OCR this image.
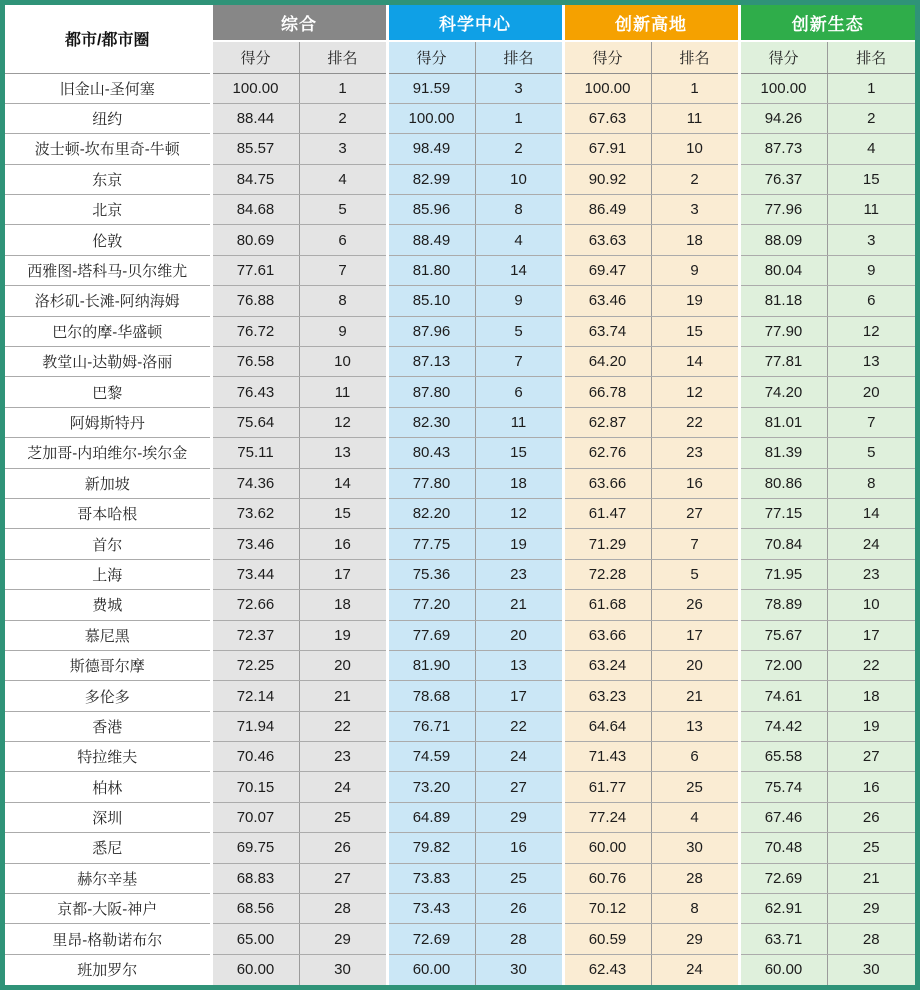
都市/都市圈	综合		科学中心		创新高地		创新生态	
	得分	排名	得分	排名	得分	排名	得分	排名
旧金山-圣何塞	100.00	1	91.59	3	100.00	1	100.00	1
纽约	88.44	2	100.00	1	67.63	11	94.26	2
波士顿-坎布里奇-牛顿	85.57	3	98.49	2	67.91	10	87.73	4
东京	84.75	4	82.99	10	90.92	2	76.37	15
北京	84.68	5	85.96	8	86.49	3	77.96	11
伦敦	80.69	6	88.49	4	63.63	18	88.09	3
西雅图-塔科马-贝尔维尤	77.61	7	81.80	14	69.47	9	80.04	9
洛杉矶-长滩-阿纳海姆	76.88	8	85.10	9	63.46	19	81.18	6
巴尔的摩-华盛顿	76.72	9	87.96	5	63.74	15	77.90	12
教堂山-达勒姆-洛丽	76.58	10	87.13	7	64.20	14	77.81	13
巴黎	76.43	11	87.80	6	66.78	12	74.20	20
阿姆斯特丹	75.64	12	82.30	11	62.87	22	81.01	7
芝加哥-内珀维尔-埃尔金	75.11	13	80.43	15	62.76	23	81.39	5
新加坡	74.36	14	77.80	18	63.66	16	80.86	8
哥本哈根	73.62	15	82.20	12	61.47	27	77.15	14
首尔	73.46	16	77.75	19	71.29	7	70.84	24
上海	73.44	17	75.36	23	72.28	5	71.95	23
费城	72.66	18	77.20	21	61.68	26	78.89	10
慕尼黑	72.37	19	77.69	20	63.66	17	75.67	17
斯德哥尔摩	72.25	20	81.90	13	63.24	20	72.00	22
多伦多	72.14	21	78.68	17	63.23	21	74.61	18
香港	71.94	22	76.71	22	64.64	13	74.42	19
特拉维夫	70.46	23	74.59	24	71.43	6	65.58	27
柏林	70.15	24	73.20	27	61.77	25	75.74	16
深圳	70.07	25	64.89	29	77.24	4	67.46	26
悉尼	69.75	26	79.82	16	60.00	30	70.48	25
赫尔辛基	68.83	27	73.83	25	60.76	28	72.69	21
京都-大阪-神户	68.56	28	73.43	26	70.12	8	62.91	29
里昂-格勒诺布尔	65.00	29	72.69	28	60.59	29	63.71	28
班加罗尔	60.00	30	60.00	30	62.43	24	60.00	30
